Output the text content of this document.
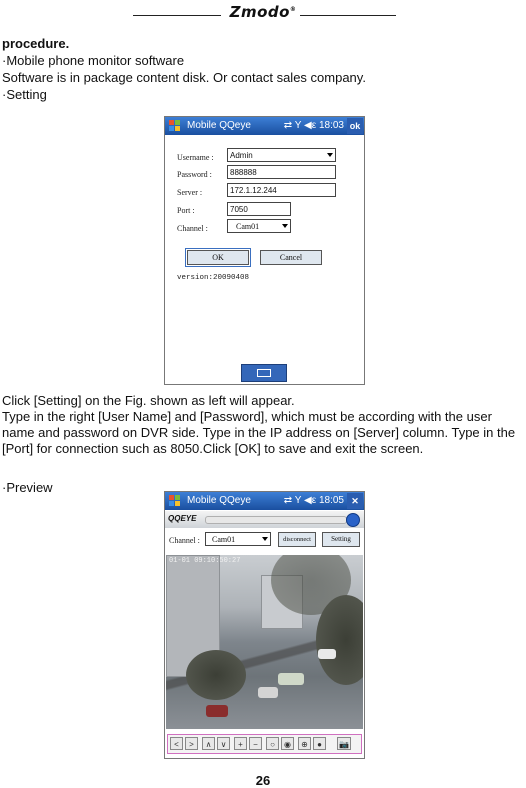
Zmodo®
procedure.
·Mobile phone monitor software
Software is in package content disk. Or contact sales company.
·Setting
Mobile QQeye	⇄ Y ◀ε 18:03 ok
Username :	Admin
Password :	888888
Server :	172.1.12.244
Port :	7050
Channel :	Cam01
OK	Cancel
version:20090408
Click [Setting] on the Fig. shown as left will appear.
Type in the right [User Name] and [Password], which must be according with the user name and password on DVR side. Type in the IP address on [Server] column. Type in the [Port] for connection such as 8050.Click [OK] to save and exit the screen.
·Preview
Mobile QQeye	⇄ Y ◀ε 18:05 ✕
QQEYE
Channel :	Cam01	disconnect	Setting
01-01 09:10:50:27
<	>	∧	∨	+	−	○	◉	⊕	●	📷
26
